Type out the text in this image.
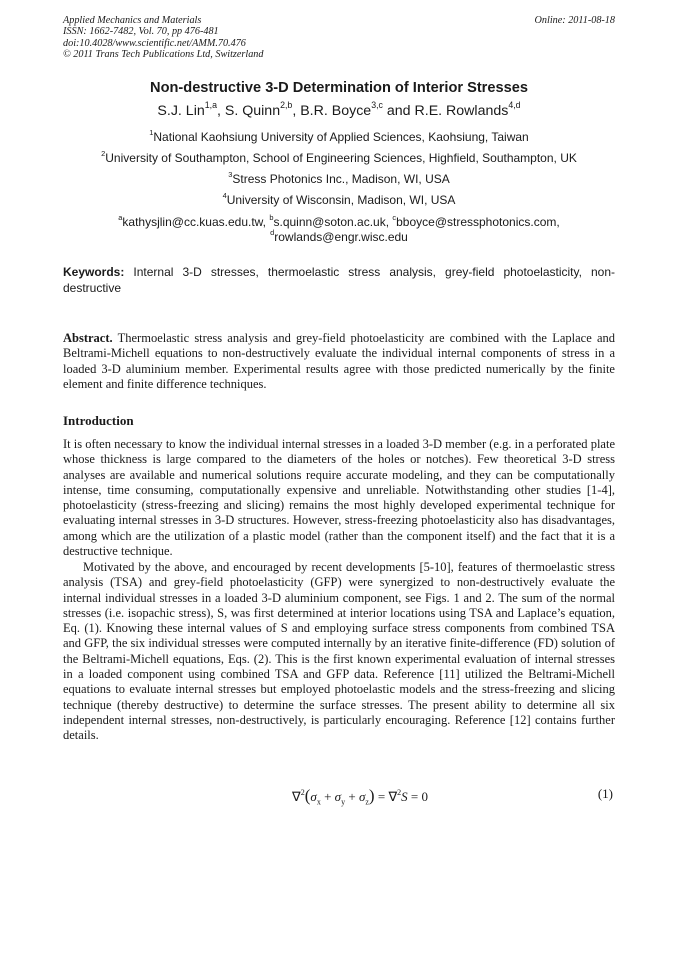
Applied Mechanics and Materials
ISSN: 1662-7482, Vol. 70, pp 476-481
doi:10.4028/www.scientific.net/AMM.70.476
© 2011 Trans Tech Publications Ltd, Switzerland
Online: 2011-08-18
Non-destructive 3-D Determination of Interior Stresses
S.J. Lin$^{1,a}$, S. Quinn$^{2,b}$, B.R. Boyce$^{3,c}$ and R.E. Rowlands$^{4,d}$
$^1$National Kaohsiung University of Applied Sciences, Kaohsiung, Taiwan
$^2$University of Southampton, School of Engineering Sciences, Highfield, Southampton, UK
$^3$Stress Photonics Inc., Madison, WI, USA
$^4$University of Wisconsin, Madison, WI, USA
$^a$kathysjlin@cc.kuas.edu.tw, $^b$s.quinn@soton.ac.uk, $^c$bboyce@stressphotonics.com,
$^d$rowlands@engr.wisc.edu
Keywords: Internal 3-D stresses, thermoelastic stress analysis, grey-field photoelasticity, non-destructive
Abstract. Thermoelastic stress analysis and grey-field photoelasticity are combined with the Laplace and Beltrami-Michell equations to non-destructively evaluate the individual internal components of stress in a loaded 3-D aluminium member. Experimental results agree with those predicted numerically by the finite element and finite difference techniques.
Introduction
It is often necessary to know the individual internal stresses in a loaded 3-D member (e.g. in a perforated plate whose thickness is large compared to the diameters of the holes or notches). Few theoretical 3-D stress analyses are available and numerical solutions require accurate modeling, and they can be computationally intense, time consuming, computationally expensive and unreliable. Notwithstanding other studies [1-4], photoelasticity (stress-freezing and slicing) remains the most highly developed experimental technique for evaluating internal stresses in 3-D structures. However, stress-freezing photoelasticity also has disadvantages, among which are the utilization of a plastic model (rather than the component itself) and the fact that it is a destructive technique.
Motivated by the above, and encouraged by recent developments [5-10], features of thermoelastic stress analysis (TSA) and grey-field photoelasticity (GFP) were synergized to non-destructively evaluate the internal individual stresses in a loaded 3-D aluminium component, see Figs. 1 and 2. The sum of the normal stresses (i.e. isopachic stress), S, was first determined at interior locations using TSA and Laplace’s equation, Eq. (1). Knowing these internal values of S and employing surface stress components from combined TSA and GFP, the six individual stresses were computed internally by an iterative finite-difference (FD) solution of the Beltrami-Michell equations, Eqs. (2). This is the first known experimental evaluation of internal stresses in a loaded component using combined TSA and GFP data. Reference [11] utilized the Beltrami-Michell equations to evaluate internal stresses but employed photoelastic models and the stress-freezing and slicing technique (thereby destructive) to determine the surface stresses. The present ability to determine all six independent internal stresses, non-destructively, is particularly encouraging. Reference [12] contains further details.
$\nabla^2(\sigma_x + \sigma_y + \sigma_z) = \nabla^2S = 0$	(1)
